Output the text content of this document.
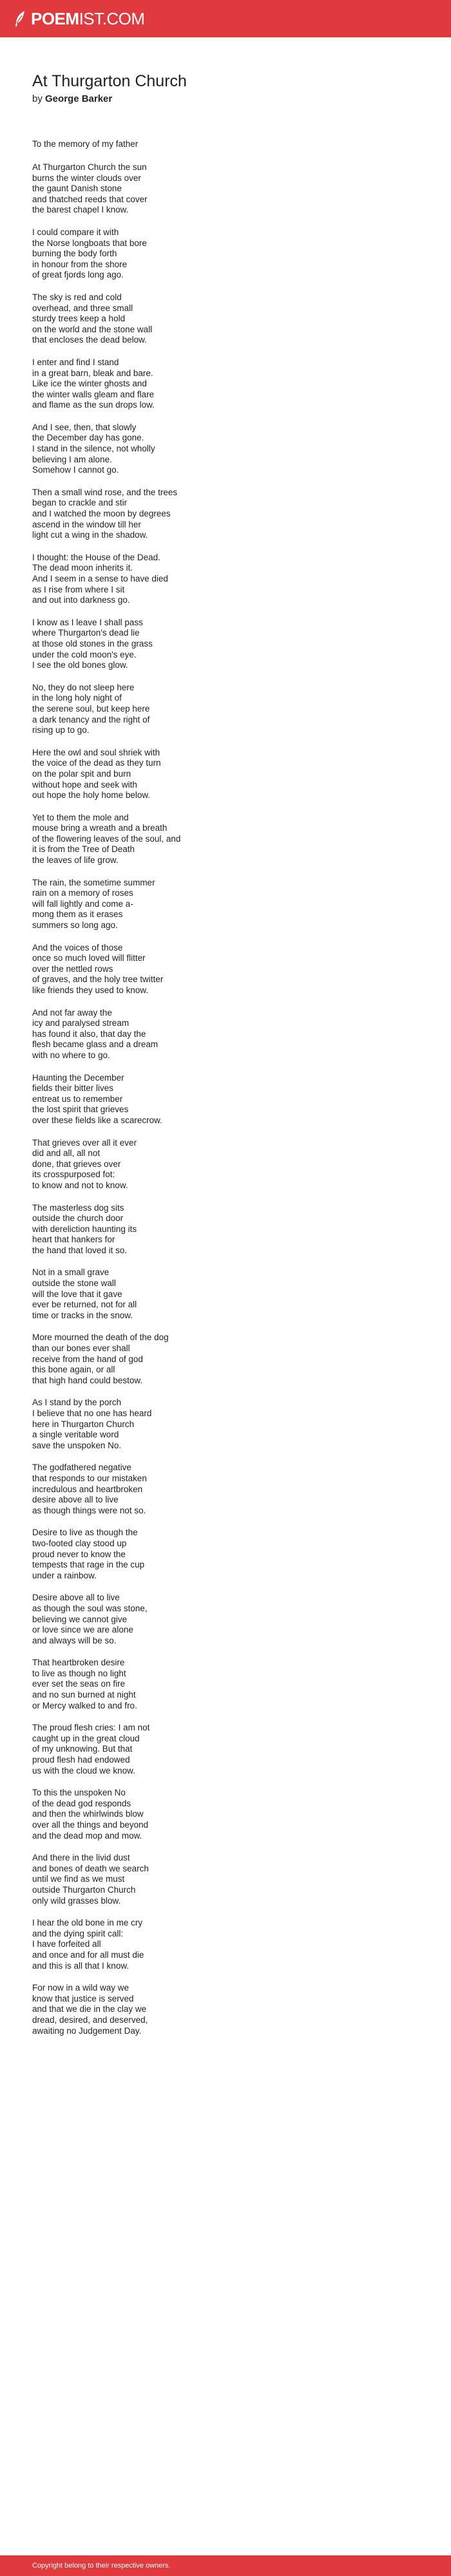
POEMIST.COM
At Thurgarton Church
by George Barker

To the memory of my father

At Thurgarton Church the sun
burns the winter clouds over
the gaunt Danish stone
and thatched reeds that cover
the barest chapel I know.
I could compare it with
the Norse longboats that bore
burning the body forth
in honour from the shore
of great fjords long ago.
The sky is red and cold
overhead, and three small
sturdy trees keep a hold
on the world and the stone wall
that encloses the dead below.
I enter and find I stand
in a great barn, bleak and bare.
Like ice the winter ghosts and
the winter walls gleam and flare
and flame as the sun drops low.
And I see, then, that slowly
the December day has gone.
I stand in the silence, not wholly
believing I am alone.
Somehow I cannot go.
Then a small wind rose, and the trees
began to crackle and stir
and I watched the moon by degrees
ascend in the window till her
light cut a wing in the shadow.
I thought: the House of the Dead.
The dead moon inherits it.
And I seem in a sense to have died
as I rise from where I sit
and out into darkness go.
I know as I leave I shall pass
where Thurgarton's dead lie
at those old stones in the grass
under the cold moon's eye.
I see the old bones glow.
No, they do not sleep here
in the long holy night of
the serene soul, but keep here
a dark tenancy and the right of
rising up to go.
Here the owl and soul shriek with
the voice of the dead as they turn
on the polar spit and burn
without hope and seek with
out hope the holy home below.
Yet to them the mole and
mouse bring a wreath and a breath
of the flowering leaves of the soul, and
it is from the Tree of Death
the leaves of life grow.
The rain, the sometime summer
rain on a memory of roses
will fall lightly and come a-
mong them as it erases
summers so long ago.
And the voices of those
once so much loved will flitter
over the nettled rows
of graves, and the holy tree twitter
like friends they used to know.
And not far away the
icy and paralysed stream
has found it also, that day the
flesh became glass and a dream
with no where to go.
Haunting the December
fields their bitter lives
entreat us to remember
the lost spirit that grieves
over these fields like a scarecrow.
That grieves over all it ever
did and all, all not
done, that grieves over
its crosspurposed fot:
to know and not to know.
The masterless dog sits
outside the church door
with dereliction haunting its
heart that hankers for
the hand that loved it so.
Not in a small grave
outside the stone wall
will the love that it gave
ever be returned, not for all
time or tracks in the snow.
More mourned the death of the dog
than our bones ever shall
receive from the hand of god
this bone again, or all
that high hand could bestow.
As I stand by the porch
I believe that no one has heard
here in Thurgarton Church
a single veritable word
save the unspoken No.
The godfathered negative
that responds to our mistaken
incredulous and heartbroken
desire above all to live
as though things were not so.
Desire to live as though the
two-footed clay stood up
proud never to know the
tempests that rage in the cup
under a rainbow.
Desire above all to live
as though the soul was stone,
believing we cannot give
or love since we are alone
and always will be so.
That heartbroken desire
to live as though no light
ever set the seas on fire
and no sun burned at night
or Mercy walked to and fro.
The proud flesh cries: I am not
caught up in the great cloud
of my unknowing. But that
proud flesh had endowed
us with the cloud we know.
To this the unspoken No
of the dead god responds
and then the whirlwinds blow
over all the things and beyond
and the dead mop and mow.
And there in the livid dust
and bones of death we search
until we find as we must
outside Thurgarton Church
only wild grasses blow.
I hear the old bone in me cry
and the dying spirit call:
I have forfeited all
and once and for all must die
and this is all that I know.
For now in a wild way we
know that justice is served
and that we die in the clay we
dread, desired, and deserved,
awaiting no Judgement Day.
Copyright belong to their respective owners.
